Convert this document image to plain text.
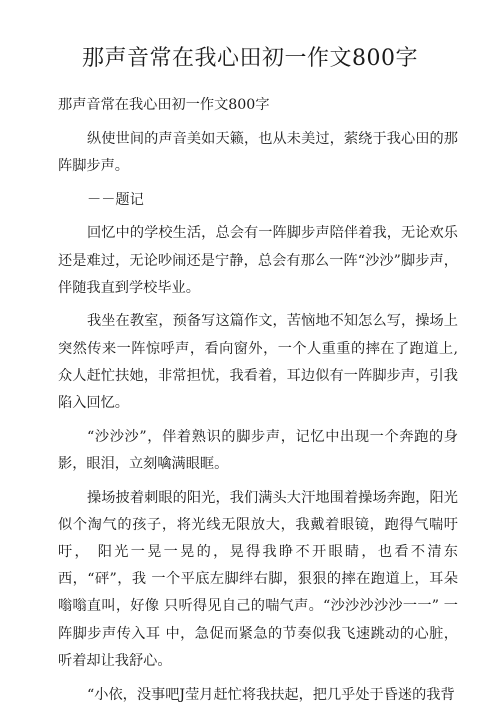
那声音常在我心田初一作文800字

那声音常在我心田初一作文800字

纵使世间的声音美如天籁，也从未美过，萦绕于我心田的那 阵脚步声。

－－题记

回忆中的学校生活，总会有一阵脚步声陪伴着我，无论欢乐 还是难过，无论吵闹还是宁静，总会有那么一阵“沙沙”脚步声， 伴随我直到学校毕业。

我坐在教室，预备写这篇作文，苦恼地不知怎么写，操场上 突然传来一阵惊呼声，看向窗外，一个人重重的摔在了跑道上, 众人赶忙扶她，非常担忧，我看着，耳边似有一阵脚步声，引我 陷入回忆。

“沙沙沙”，伴着熟识的脚步声，记忆中出现一个奔跑的身影，眼泪，立刻噙满眼眶。

操场披着刺眼的阳光，我们满头大汗地围着操场奔跑，阳光 似个淘气的孩子，将光线无限放大，我戴着眼镜，跑得气喘吁吁， 阳光一晃一晃的，晃得我睁不开眼睛，也看不清东西，“砰”，我 一个平底左脚绊右脚，狠狠的摔在跑道上，耳朵嗡嗡直叫，好像 只听得见自己的喘气声。“沙沙沙沙沙一一” 一阵脚步声传入耳 中，急促而紧急的节奏似我飞速跳动的心脏，听着却让我舒心。

“小依，没事吧J莹月赶忙将我扶起，把几乎处于昏迷的我背
